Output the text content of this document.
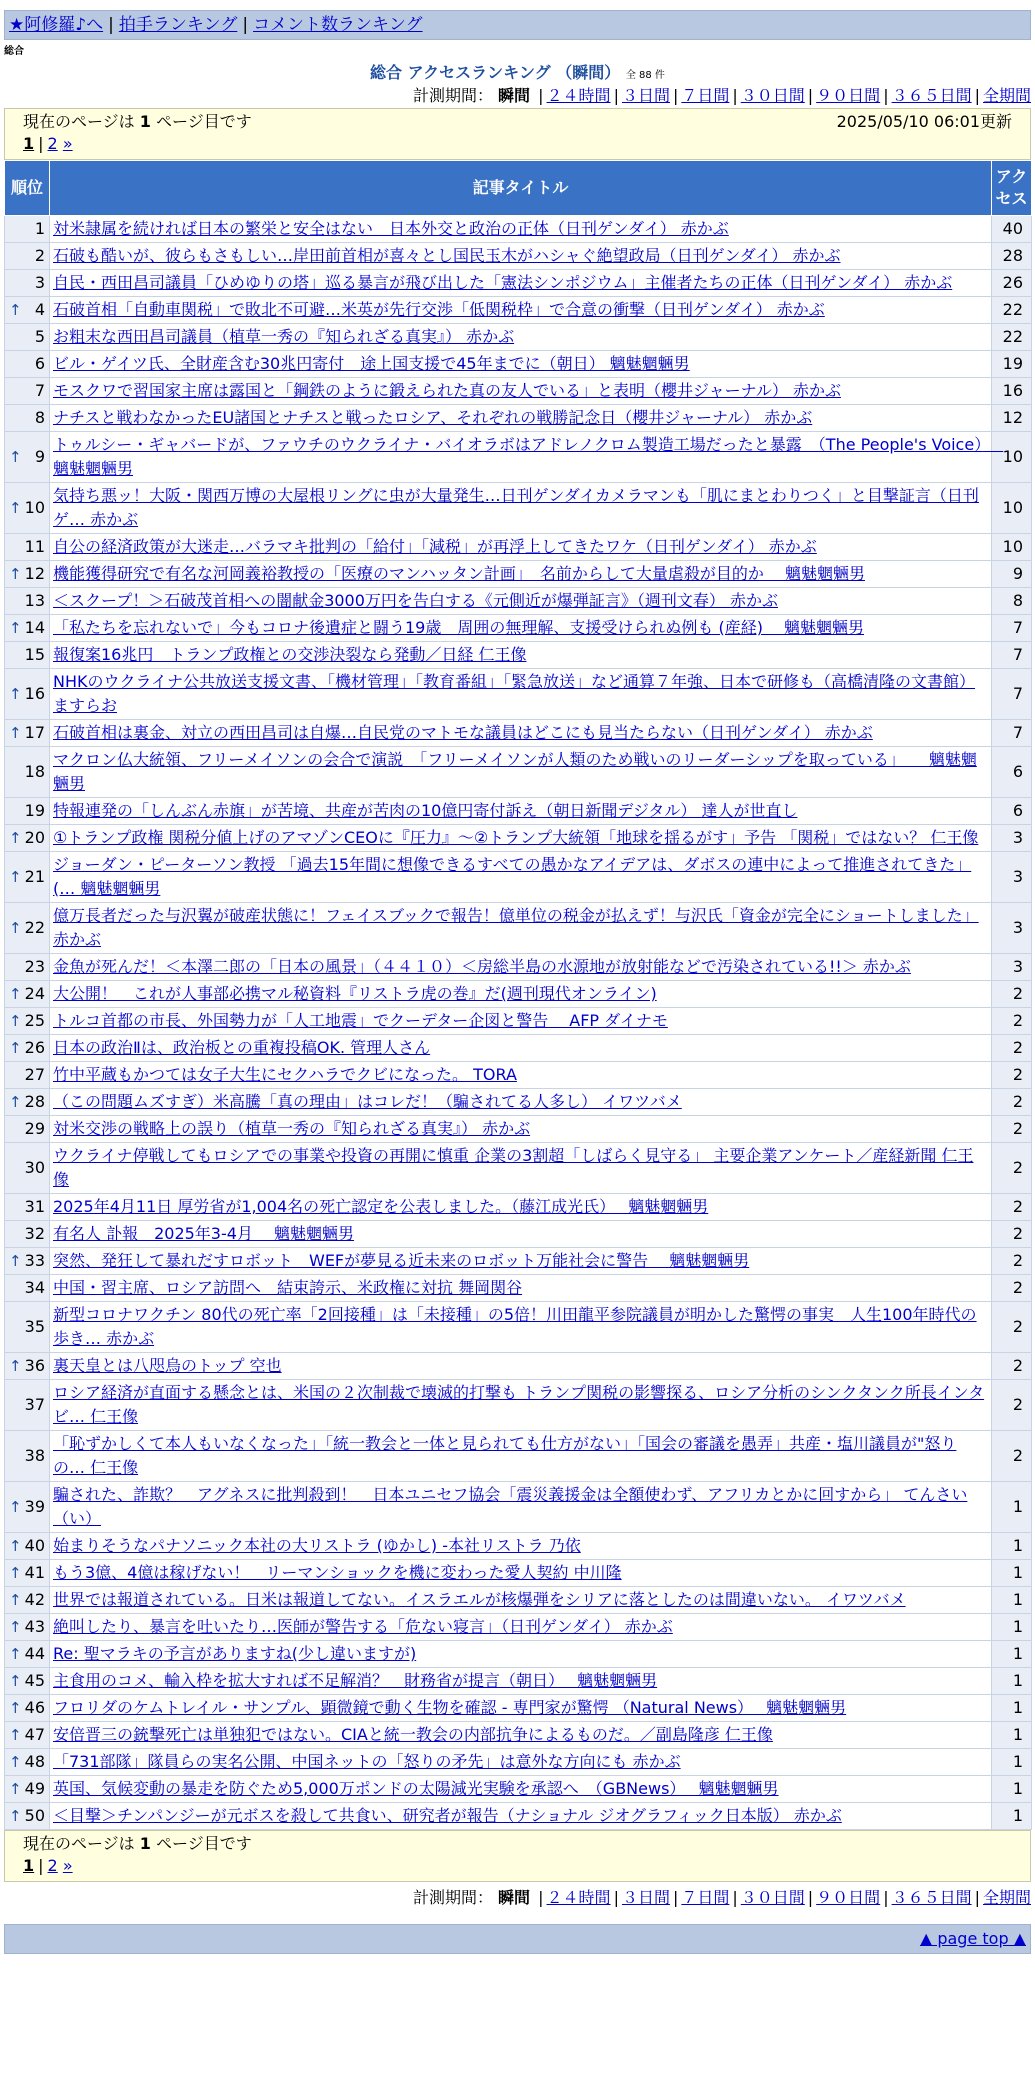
★阿修羅♪へ | 拍手ランキング | コメント数ランキング
総合
総合 アクセスランキング （瞬間） 全 88 件
計測期間： 瞬間 | ２４時間 | ３日間 | ７日間 | ３０日間 | ９０日間 | ３６５日間 | 全期間
現在のページは 1 ページ目です	2025/05/10 06:01更新
1 | 2 »
順位	記事タイトル	アクセス
1	対米隷属を続ければ日本の繁栄と安全はない　日本外交と政治の正体（日刊ゲンダイ） 赤かぶ	40
2	石破も酷いが、彼らもさもしい…岸田前首相が喜々とし国民玉木がハシャぐ絶望政局（日刊ゲンダイ） 赤かぶ	28
3	自民・西田昌司議員「ひめゆりの塔」巡る暴言が飛び出した「憲法シンポジウム」主催者たちの正体（日刊ゲンダイ） 赤かぶ	26

↑ 4	石破首相「自動車関税」で敗北不可避…米英が先行交渉「低関税枠」で合意の衝撃（日刊ゲンダイ） 赤かぶ	22
5	お粗末な西田昌司議員（植草一秀の『知られざる真実』） 赤かぶ	22
6	ビル・ゲイツ氏、全財産含む30兆円寄付　途上国支援で45年までに（朝日） 魑魅魍魎男	19
7	モスクワで習国家主席は露国と「鋼鉄のように鍛えられた真の友人でいる」と表明（櫻井ジャーナル） 赤かぶ	16
8	ナチスと戦わなかったEU諸国とナチスと戦ったロシア、それぞれの戦勝記念日（櫻井ジャーナル） 赤かぶ	12

↑ 9	トゥルシー・ギャバードが、ファウチのウクライナ・バイオラボはアドレノクロム製造工場だったと暴露　（The People's Voice）　 魑魅魍魎男	10

↑ 10	気持ち悪ッ！大阪・関西万博の大屋根リングに虫が大量発生…日刊ゲンダイカメラマンも「肌にまとわりつく」と目撃証言（日刊ゲ… 赤かぶ	10
11	自公の経済政策が大迷走…バラマキ批判の「給付」「減税」が再浮上してきたワケ（日刊ゲンダイ） 赤かぶ	10

↑ 12	機能獲得研究で有名な河岡義裕教授の「医療のマンハッタン計画」　名前からして大量虐殺が目的か　 魑魅魍魎男	9
13	＜スクープ！＞石破茂首相への闇献金3000万円を告白する《元側近が爆弾証言》（週刊文春） 赤かぶ	8

↑ 14	「私たちを忘れないで」今もコロナ後遺症と闘う19歳　周囲の無理解、支援受けられぬ例も (産経)　 魑魅魍魎男	7
15	報復案16兆円　トランプ政権との交渉決裂なら発動／日経 仁王像	7

↑ 16	NHKのウクライナ公共放送支援文書、「機材管理」「教育番組」「緊急放送」など通算７年強、日本で研修も（高橋清隆の文書館） ますらお	7

↑ 17	石破首相は裏金、対立の西田昌司は自爆…自民党のマトモな議員はどこにも見当たらない（日刊ゲンダイ） 赤かぶ	7
18	マクロン仏大統領、フリーメイソンの会合で演説　「フリーメイソンが人類のため戦いのリーダーシップを取っている」　　魑魅魍魎男	6
19	特報連発の「しんぶん赤旗」が苦境、共産が苦肉の10億円寄付訴え（朝日新聞デジタル） 達人が世直し	6

↑ 20	①トランプ政権 関税分値上げのアマゾンCEOに『圧力』～②トランプ大統領「地球を揺るがす」予告 「関税」ではない？ 仁王像	3

↑ 21	ジョーダン・ピーターソン教授 「過去15年間に想像できるすべての愚かなアイデアは、ダボスの連中によって推進されてきた」(… 魑魅魍魎男	3

↑ 22	億万長者だった与沢翼が破産状態に！フェイスブックで報告！億単位の税金が払えず！与沢氏「資金が完全にショートしました」 赤かぶ	3
23	金魚が死んだ！＜本澤二郎の「日本の風景」（４４１０）＜房総半島の水源地が放射能などで汚染されている!!＞ 赤かぶ	3

↑ 24	大公開！　これが人事部必携マル秘資料『リストラ虎の巻』だ(週刊現代オンライン)	2

↑ 25	トルコ首都の市長、外国勢力が「人工地震」でクーデター企図と警告　 AFP ダイナモ	2

↑ 26	日本の政治Ⅱは、政治板との重複投稿OK. 管理人さん	2
27	竹中平蔵もかつては女子大生にセクハラでクビになった。 TORA	2

↑ 28	（この問題ムズすぎ）米高騰「真の理由」はコレだ！（騙されてる人多し） イワツバメ	2
29	対米交渉の戦略上の誤り（植草一秀の『知られざる真実』） 赤かぶ	2
30	ウクライナ停戦してもロシアでの事業や投資の再開に慎重 企業の3割超「しばらく見守る」 主要企業アンケート／産経新聞 仁王像	2
31	2025年4月11日 厚労省が1,004名の死亡認定を公表しました。（藤江成光氏）　 魑魅魍魎男	2
32	有名人 訃報　2025年3-4月　 魑魅魍魎男	2

↑ 33	突然、発狂して暴れだすロボット　WEFが夢見る近未来のロボット万能社会に警告　 魑魅魍魎男	2
34	中国・習主席、ロシア訪問へ　結束誇示、米政権に対抗 舞岡関谷	2
35	新型コロナワクチン 80代の死亡率「2回接種」は「未接種」の5倍！川田龍平参院議員が明かした驚愕の事実　人生100年時代の歩き… 赤かぶ	2

↑ 36	裏天皇とは八咫烏のトップ 空也	2
37	ロシア経済が直面する懸念とは、米国の２次制裁で壊滅的打撃も トランプ関税の影響探る、ロシア分析のシンクタンク所長インタビ… 仁王像	2
38	「恥ずかしくて本人もいなくなった」「統一教会と一体と見られても仕方がない」「国会の審議を愚弄」共産・塩川議員が"怒りの… 仁王像	2

↑ 39	騙された、詐欺？　アグネスに批判殺到！　日本ユニセフ協会「震災義援金は全額使わず、アフリカとかに回すから」 てんさい（い）	1

↑ 40	始まりそうなパナソニック本社の大リストラ (ゆかし) -本社リストラ 乃依	1

↑ 41	もう3億、4億は稼げない！　リーマンショックを機に変わった愛人契約 中川隆	1

↑ 42	世界では報道されている。日米は報道してない。イスラエルが核爆弾をシリアに落としたのは間違いない。 イワツバメ	1

↑ 43	絶叫したり、暴言を吐いたり…医師が警告する「危ない寝言」（日刊ゲンダイ） 赤かぶ	1

↑ 44	Re: 聖マラキの予言がありますね(少し違いますが)	1

↑ 45	主食用のコメ、輸入枠を拡大すれば不足解消？　財務省が提言（朝日）　 魑魅魍魎男	1

↑ 46	フロリダのケムトレイル・サンプル、顕微鏡で動く生物を確認 - 専門家が驚愕 （Natural News）　 魑魅魍魎男	1

↑ 47	安倍晋三の銃撃死亡は単独犯ではない。CIAと統一教会の内部抗争によるものだ。／副島隆彦 仁王像	1

↑ 48	「731部隊」隊員らの実名公開、中国ネットの「怒りの矛先」は意外な方向にも 赤かぶ	1

↑ 49	英国、気候変動の暴走を防ぐため5,000万ポンドの太陽減光実験を承認へ　（GBNews）　 魑魅魍魎男	1

↑ 50	＜目撃＞チンパンジーが元ボスを殺して共食い、研究者が報告（ナショナル ジオグラフィック日本版） 赤かぶ	1
現在のページは 1 ページ目です
1 | 2 »
計測期間： 瞬間 | ２４時間 | ３日間 | ７日間 | ３０日間 | ９０日間 | ３６５日間 | 全期間
▲ page top ▲
